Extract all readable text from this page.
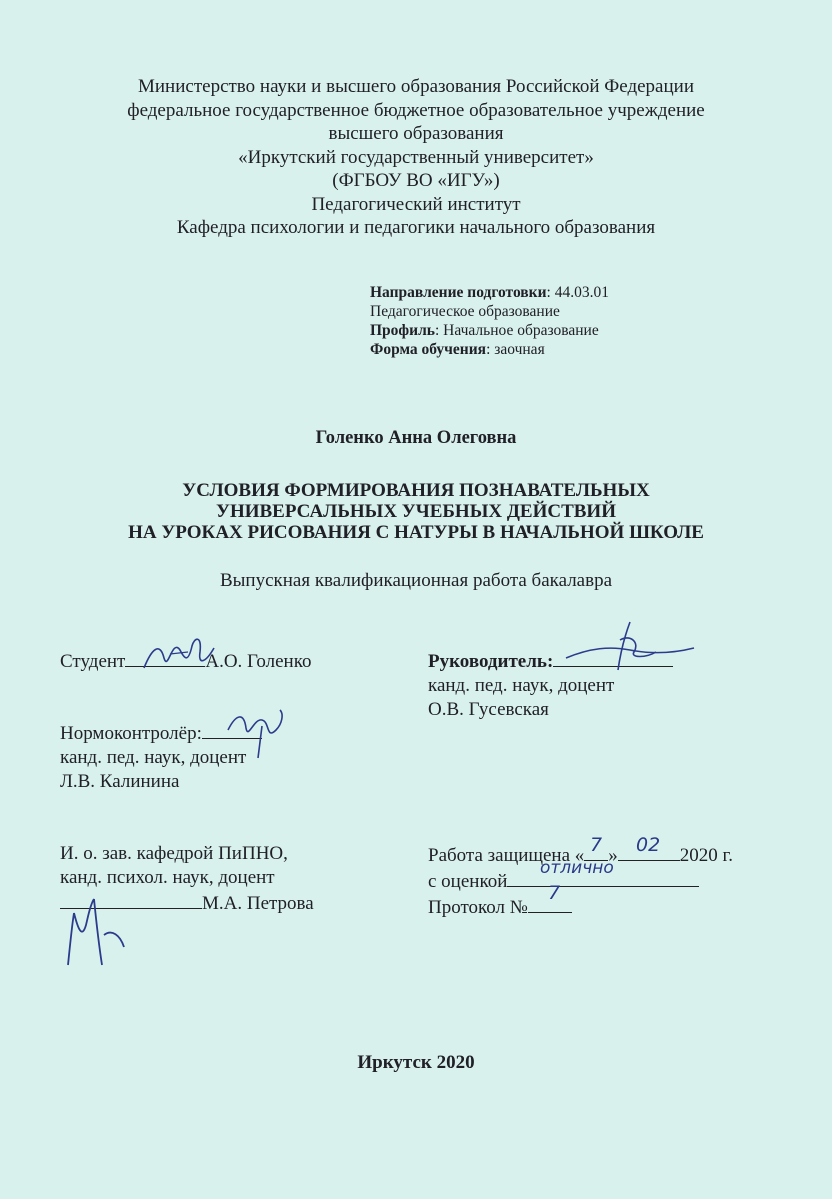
Министерство науки и высшего образования Российской Федерации
федеральное государственное бюджетное образовательное учреждение
высшего образования
«Иркутский государственный университет»
(ФГБОУ ВО «ИГУ»)
Педагогический институт
Кафедра психологии и педагогики начального образования
Направление подготовки: 44.03.01
Педагогическое образование
Профиль: Начальное образование
Форма обучения: заочная
Голенко Анна Олеговна
УСЛОВИЯ ФОРМИРОВАНИЯ ПОЗНАВАТЕЛЬНЫХ
УНИВЕРСАЛЬНЫХ УЧЕБНЫХ ДЕЙСТВИЙ
НА УРОКАХ РИСОВАНИЯ С НАТУРЫ В НАЧАЛЬНОЙ ШКОЛЕ
Выпускная квалификационная работа бакалавра
Студент	А.О. Голенко	Руководитель:
канд. пед. наук, доцент
О.В. Гусевская
Нормоконтролёр:
канд. пед. наук, доцент
Л.В. Калинина
И. о. зав. кафедрой ПиПНО,
канд. психол. наук, доцент
М.А. Петрова
Работа защищена « »	2020 г.
с оценкой
Протокол №
7 02
отлично
7
Иркутск 2020
